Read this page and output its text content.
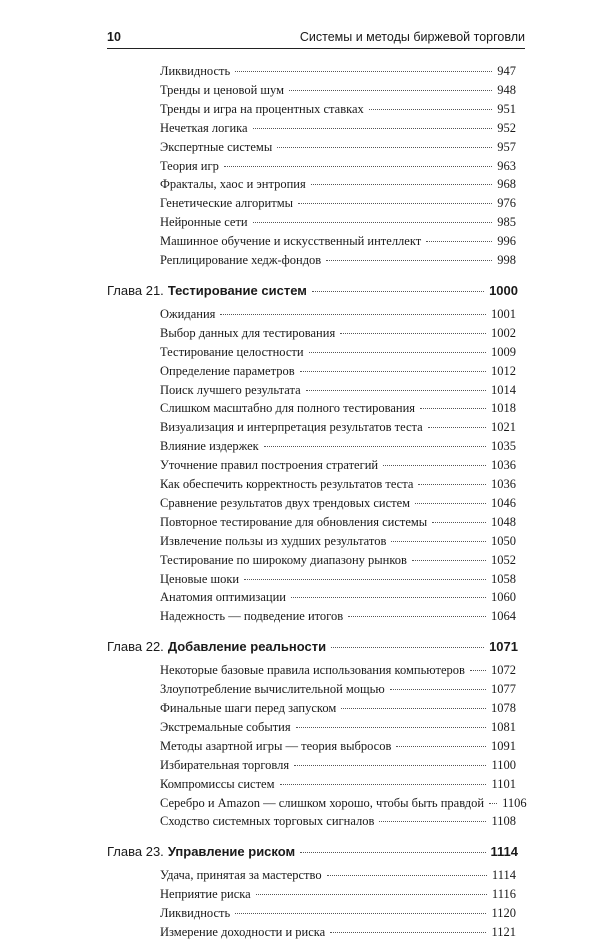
10	Системы и методы биржевой торговли
Ликвидность	947
Тренды и ценовой шум	948
Тренды и игра на процентных ставках	951
Нечеткая логика	952
Экспертные системы	957
Теория игр	963
Фракталы, хаос и энтропия	968
Генетические алгоритмы	976
Нейронные сети	985
Машинное обучение и искусственный интеллект	996
Реплицирование хедж-фондов	998
Глава 21. Тестирование систем	1000
Ожидания	1001
Выбор данных для тестирования	1002
Тестирование целостности	1009
Определение параметров	1012
Поиск лучшего результата	1014
Слишком масштабно для полного тестирования	1018
Визуализация и интерпретация результатов теста	1021
Влияние издержек	1035
Уточнение правил построения стратегий	1036
Как обеспечить корректность результатов теста	1036
Сравнение результатов двух трендовых систем	1046
Повторное тестирование для обновления системы	1048
Извлечение пользы из худших результатов	1050
Тестирование по широкому диапазону рынков	1052
Ценовые шоки	1058
Анатомия оптимизации	1060
Надежность — подведение итогов	1064
Глава 22. Добавление реальности	1071
Некоторые базовые правила использования компьютеров 1072
Злоупотребление вычислительной мощью	1077
Финальные шаги перед запуском	1078
Экстремальные события	1081
Методы азартной игры — теория выбросов	1091
Избирательная торговля	1100
Компромиссы систем	1101
Серебро и Amazon — слишком хорошо, чтобы быть правдой 1106
Сходство системных торговых сигналов	1108
Глава 23. Управление риском	1114
Удача, принятая за мастерство	1114
Неприятие риска	1116
Ликвидность	1120
Измерение доходности и риска	1121
